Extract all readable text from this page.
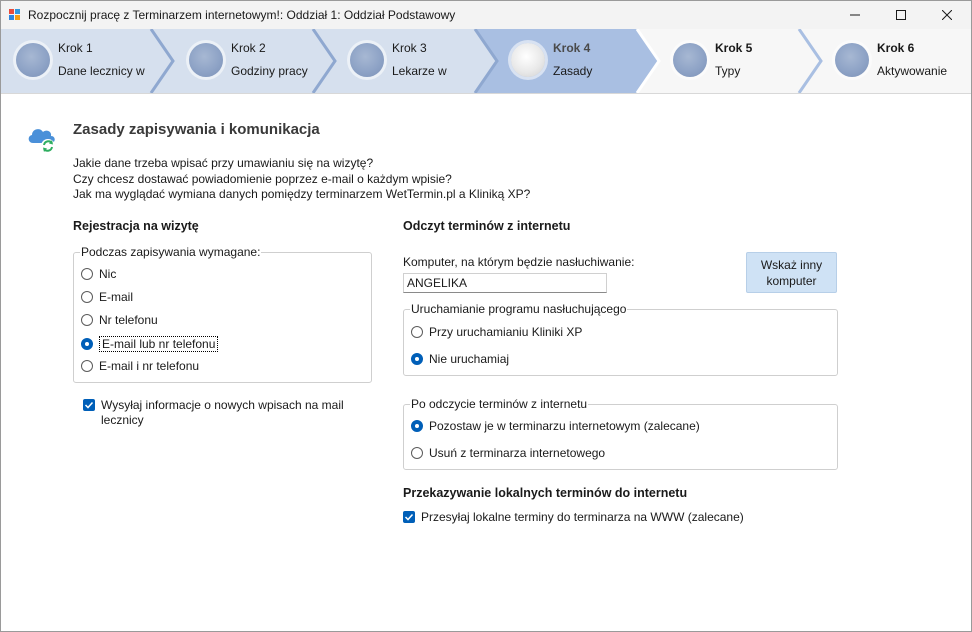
Rozpocznij pracę z Terminarzem internetowym!: Oddział 1: Oddział Podstawowy
Krok 1
Dane lecznicy w
Krok 2
Godziny pracy
Krok 3
Lekarze w
Krok 4
Zasady
Krok 5
Typy
Krok 6
Aktywowanie
Zasady zapisywania i komunikacja
Jakie dane trzeba wpisać przy umawianiu się na wizytę?
Czy chcesz dostawać powiadomienie poprzez e-mail o każdym wpisie?
Jak ma wyglądać wymiana danych pomiędzy terminarzem WetTermin.pl a Kliniką XP?
Rejestracja na wizytę
Podczas zapisywania wymagane:
Nic
E-mail
Nr telefonu
E-mail lub nr telefonu
E-mail i nr telefonu
Wysyłaj informacje o nowych wpisach na mail
lecznicy
Odczyt terminów z internetu
Komputer, na którym będzie nasłuchiwanie:
ANGELIKA	Wskaż inny
komputer
Uruchamianie programu nasłuchującego
Przy uruchamianiu Kliniki XP
Nie uruchamiaj
Po odczycie terminów z internetu
Pozostaw je w terminarzu internetowym (zalecane)
Usuń z terminarza internetowego
Przekazywanie lokalnych terminów do internetu
Przesyłaj lokalne terminy do terminarza na WWW (zalecane)
